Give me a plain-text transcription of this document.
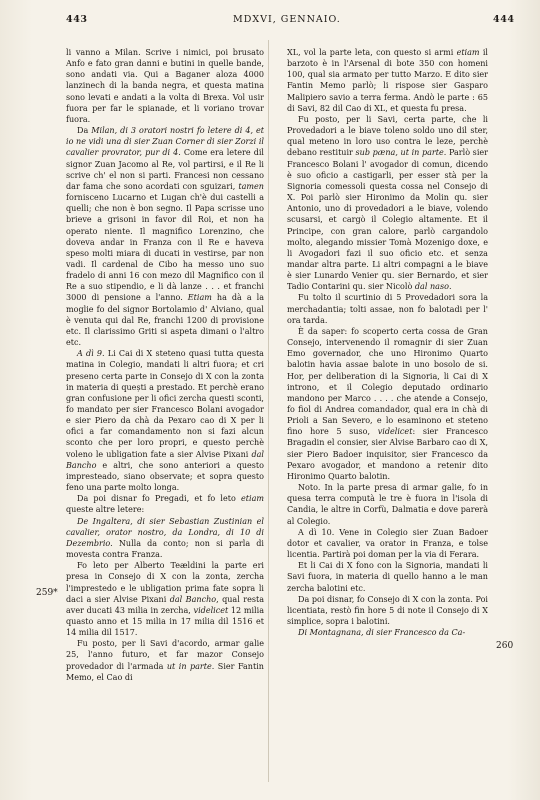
443	MDXVI, GENNAIO.	444

li vanno a Milan. Scrive i nimici, poi brusato Anfo e fato gran danni e butini in quelle bande, sono andati via. Qui a Baganer aloza 4000 lanzinech di la banda negra, et questa matina sono levati e andati a la volta di Brexa. Vol usir fuora per far le spianade, et li voriano trovar fuora.

Da Milan, di 3 oratori nostri fo letere di 4, et io ne vidi una di sier Zuan Corner di sier Zorzi il cavalier provrator, pur di 4. Come era letere dil signor Zuan Jacomo al Re, vol partirsi, e il Re li scrive ch' el non si parti. Francesi non cessano dar fama che sono acordati con sguizari, tamen fornisceno Lucarno et Lugan ch'è dui castelli a quelli; che non è bon segno. Il Papa scrisse uno brieve a grisoni in favor dil Roi, et non ha operato niente. Il magnifico Lorenzino, che doveva andar in Franza con il Re e haveva speso molti miara di ducati in vestirse, par non vadi. Il cardenal de Cibo ha messo uno suo fradelo di anni 16 con mezo dil Magnifico con il Re a suo stipendio, e li dà lanze . . . et franchi 3000 di pensione a l'anno. Etiam ha dà a la moglie fo del signor Bortolamio d' Alviano, qual è venuta qui dal Re, franchi 1200 di provisione etc. Il clarissimo Griti si aspeta dimani o l'altro etc.

A dì 9. Li Cai di X steteno quasi tutta questa matina in Colegio, mandati li altri fuora; et cri preseno certa parte in Consejo di X con la zonta in materia di quești a prestado. Et perchè erano gran confusione per li ofici zercha questi sconti, fo mandato per sier Francesco Bolani avogador e sier Piero da chà da Pexaro cao di X per li ofici a far comandamento non si fazi alcun sconto che per loro propri, e questo perchè voleno le ubligation fate a sier Alvise Pixani dal Bancho e altri, che sono anteriori a questo impresteado, siano observate; et sopra questo feno una parte molto longa.

Da poi disnar fo Pregadi, et fo leto etiam queste altre letere:

De Ingaltera, di sier Sebastian Zustinian el cavalier, orator nostro, da Londra, di 10 di Dezembrio. Nulla da conto; non si parla di movesta contra Franza.

Fo leto per Alberto Teældini la parte eri presa in Consejo di X con la zonta, zercha l'imprestedo e le ubligation prima fate sopra li daci a sier Alvise Pixani dal Bancho, qual resta aver ducati 43 milia in zercha, videlicet 12 milia quasto anno et 15 milia in 17 milia dil 1516 et 14 milia dil 1517.

Fu posto, per li Savi d'acordo, armar galie 25, l'anno futuro, et far mazor Consejo provedador di l'armada ut in parte. Sier Fantin Memo, el Cao di

XL, vol la parte leta, con questo si armi etiam il barzoto è in l'Arsenal di bote 350 con homeni 100, qual sia armato per tutto Marzo. E dito sier Fantin Memo parlò; li rispose sier Gasparo Malipiero savio a terra ferma. Andò le parte : 65 di Savi, 82 dil Cao di XL, et questa fu presa.

Fu posto, per li Savi, certa parte, che li Provedadori a le biave toleno soldo uno dil ster, qual meteno in loro uso contra le leze, perchè debano restituir sub pæna, ut in parte. Parlò sier Francesco Bolani l' avogador di comun, dicendo è suo oficio a castigarli, per esser stà per la Signoria comessoli questa cossa nel Consejo di X. Poi parlò sier Hironimo da Molin qu. sier Antonio, uno di provedadori a le biave, volendo scusarsi, et cargò il Colegio altamente. Et il Principe, con gran calore, parlò cargandolo molto, alegando missier Tomà Mozenigo doxe, e li Avogadori fazi il suo oficio etc. et senza mandar altra parte. Li altri compagni a le biave è sier Lunardo Venier qu. sier Bernardo, et sier Tadio Contarini qu. sier Nicolò dal naso.

Fu tolto il scurtinio di 5 Provedadori sora la merchadantia; tolti assae, non fo balotadi per l' ora tarda.

È da saper: fo scoperto certa cossa de Gran Consejo, intervenendo il romagnir di sier Zuan Emo governador, che uno Hironimo Quarto balotin havia assae balote in uno bosolo de si. Hor, per deliberation di la Signoria, li Cai di X introno, et il Colegio deputado ordinario mandono per Marco . . . . che atende a Consejo, fo fiol di Andrea comandador, qual era in chà di Prioli a San Severo, e lo esaminono et steteno fino hore 5 suso, videlicet: sier Francesco Bragadin el consier, sier Alvise Barbaro cao di X, sier Piero Badoer inquisitor, sier Francesco da Pexaro avogador, et mandono a retenir dito Hironimo Quarto balotin.

Noto. In la parte presa di armar galie, fo in quesa terra computà le tre è fuora in l'isola di Candia, le altre in Corfù, Dalmatia e dove parerà al Colegio.

A dì 10. Vene in Colegio sier Zuan Badoer dotor et cavalier, va orator in Franza, e tolse licentia. Partirà poi doman per la via di Ferara.

Et li Cai di X fono con la Signoria, mandati li Savi fuora, in materia di quello hanno a le man zercha balotini etc.

Da poi disnar, fo Consejo di X con la zonta. Poi licentiata, restò fin hore 5 di note il Consejo di X simplice, sopra i balotini.

Di Montagnana, di sier Francesco da Ca-

259*
260
